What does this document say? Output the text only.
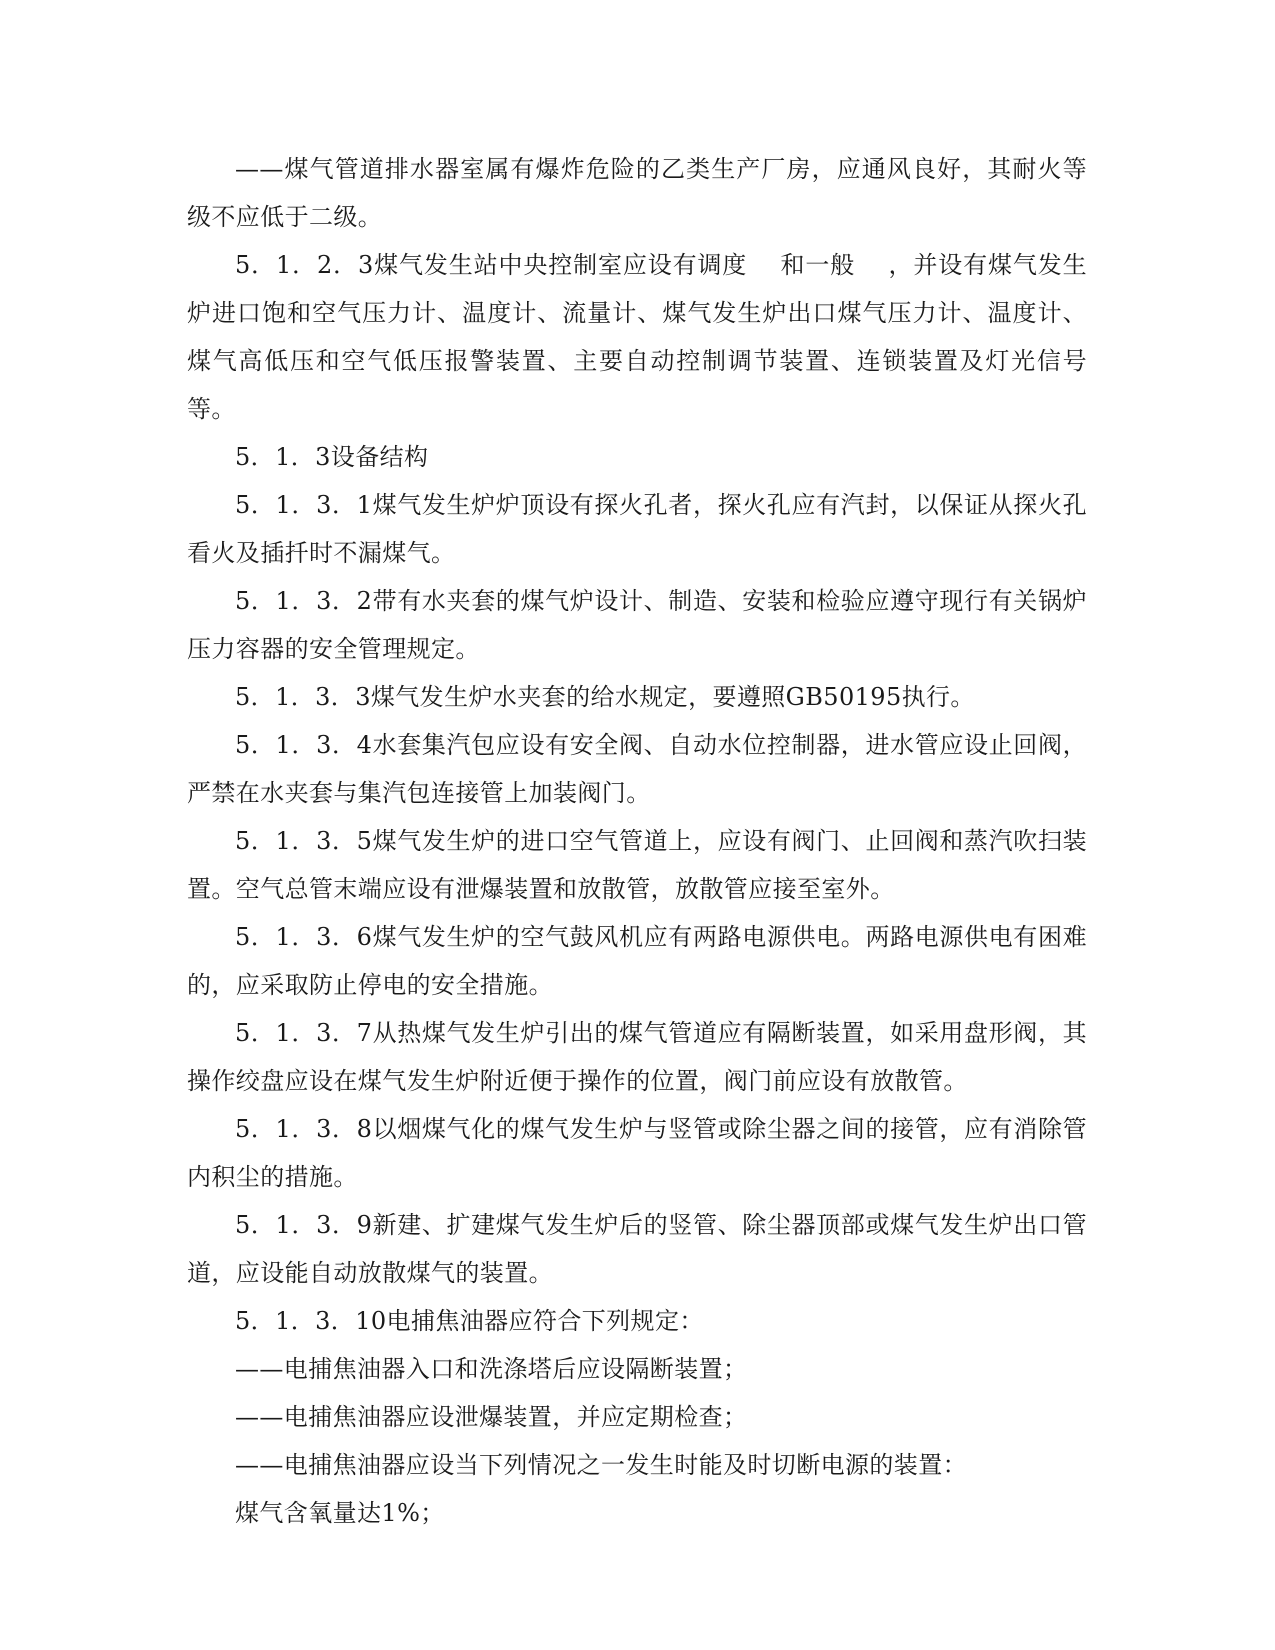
——煤气管道排水器室属有爆炸危险的乙类生产厂房，应通风良好，其耐火等级不应低于二级。

5．1．2．3煤气发生站中央控制室应设有调度　 和一般　 ，并设有煤气发生炉进口饱和空气压力计、温度计、流量计、煤气发生炉出口煤气压力计、温度计、煤气高低压和空气低压报警装置、主要自动控制调节装置、连锁装置及灯光信号等。

5．1．3设备结构

5．1．3．1煤气发生炉炉顶设有探火孔者，探火孔应有汽封，以保证从探火孔看火及插扦时不漏煤气。

5．1．3．2带有水夹套的煤气炉设计、制造、安装和检验应遵守现行有关锅炉压力容器的安全管理规定。

5．1．3．3煤气发生炉水夹套的给水规定，要遵照GB50195执行。

5．1．3．4水套集汽包应设有安全阀、自动水位控制器，进水管应设止回阀，严禁在水夹套与集汽包连接管上加装阀门。

5．1．3．5煤气发生炉的进口空气管道上，应设有阀门、止回阀和蒸汽吹扫装置。空气总管末端应设有泄爆装置和放散管，放散管应接至室外。

5．1．3．6煤气发生炉的空气鼓风机应有两路电源供电。两路电源供电有困难的，应采取防止停电的安全措施。

5．1．3．7从热煤气发生炉引出的煤气管道应有隔断装置，如采用盘形阀，其操作绞盘应设在煤气发生炉附近便于操作的位置，阀门前应设有放散管。

5．1．3．8以烟煤气化的煤气发生炉与竖管或除尘器之间的接管，应有消除管内积尘的措施。

5．1．3．9新建、扩建煤气发生炉后的竖管、除尘器顶部或煤气发生炉出口管道，应设能自动放散煤气的装置。

5．1．3．10电捕焦油器应符合下列规定：

——电捕焦油器入口和洗涤塔后应设隔断装置；

——电捕焦油器应设泄爆装置，并应定期检查；

——电捕焦油器应设当下列情况之一发生时能及时切断电源的装置：

煤气含氧量达1%；
